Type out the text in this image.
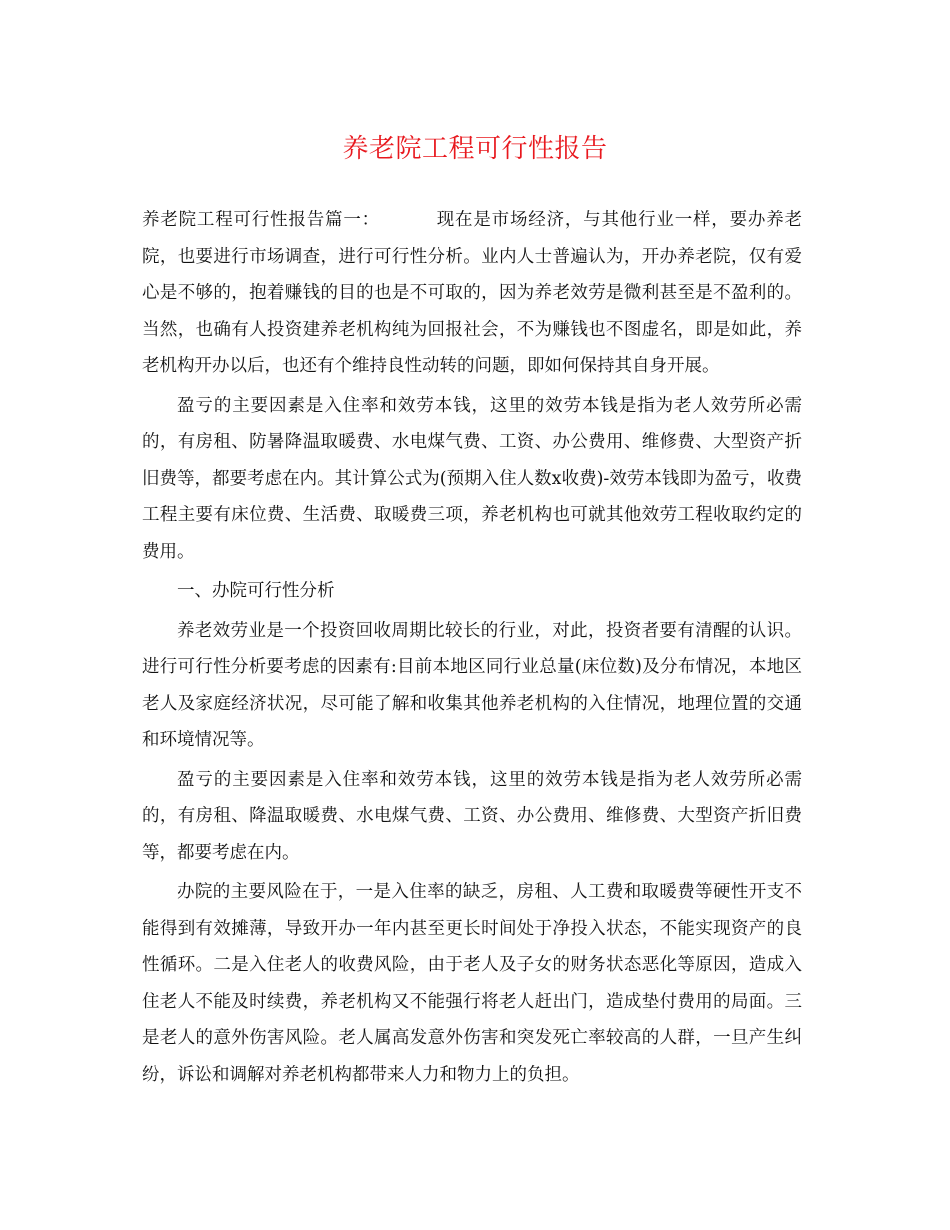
养老院工程可行性报告

养老院工程可行性报告篇一：	现在是市场经济，与其他行业一样，要办养老院，也要进行市场调查，进行可行性分析。业内人士普遍认为，开办养老院，仅有爱心是不够的，抱着赚钱的目的也是不可取的，因为养老效劳是微利甚至是不盈利的。当然，也确有人投资建养老机构纯为回报社会，不为赚钱也不图虚名，即是如此，养老机构开办以后，也还有个维持良性动转的问题，即如何保持其自身开展。

盈亏的主要因素是入住率和效劳本钱，这里的效劳本钱是指为老人效劳所必需的，有房租、防暑降温取暖费、水电煤气费、工资、办公费用、维修费、大型资产折旧费等，都要考虑在内。其计算公式为(预期入住人数x收费)-效劳本钱即为盈亏，收费工程主要有床位费、生活费、取暖费三项，养老机构也可就其他效劳工程收取约定的费用。

一、办院可行性分析

养老效劳业是一个投资回收周期比较长的行业，对此，投资者要有清醒的认识。进行可行性分析要考虑的因素有:目前本地区同行业总量(床位数)及分布情况，本地区老人及家庭经济状况，尽可能了解和收集其他养老机构的入住情况，地理位置的交通和环境情况等。

盈亏的主要因素是入住率和效劳本钱，这里的效劳本钱是指为老人效劳所必需的，有房租、降温取暖费、水电煤气费、工资、办公费用、维修费、大型资产折旧费等，都要考虑在内。

办院的主要风险在于，一是入住率的缺乏，房租、人工费和取暖费等硬性开支不能得到有效摊薄，导致开办一年内甚至更长时间处于净投入状态，不能实现资产的良性循环。二是入住老人的收费风险，由于老人及子女的财务状态恶化等原因，造成入住老人不能及时续费，养老机构又不能强行将老人赶出门，造成垫付费用的局面。三是老人的意外伤害风险。老人属高发意外伤害和突发死亡率较高的人群，一旦产生纠纷，诉讼和调解对养老机构都带来人力和物力上的负担。
